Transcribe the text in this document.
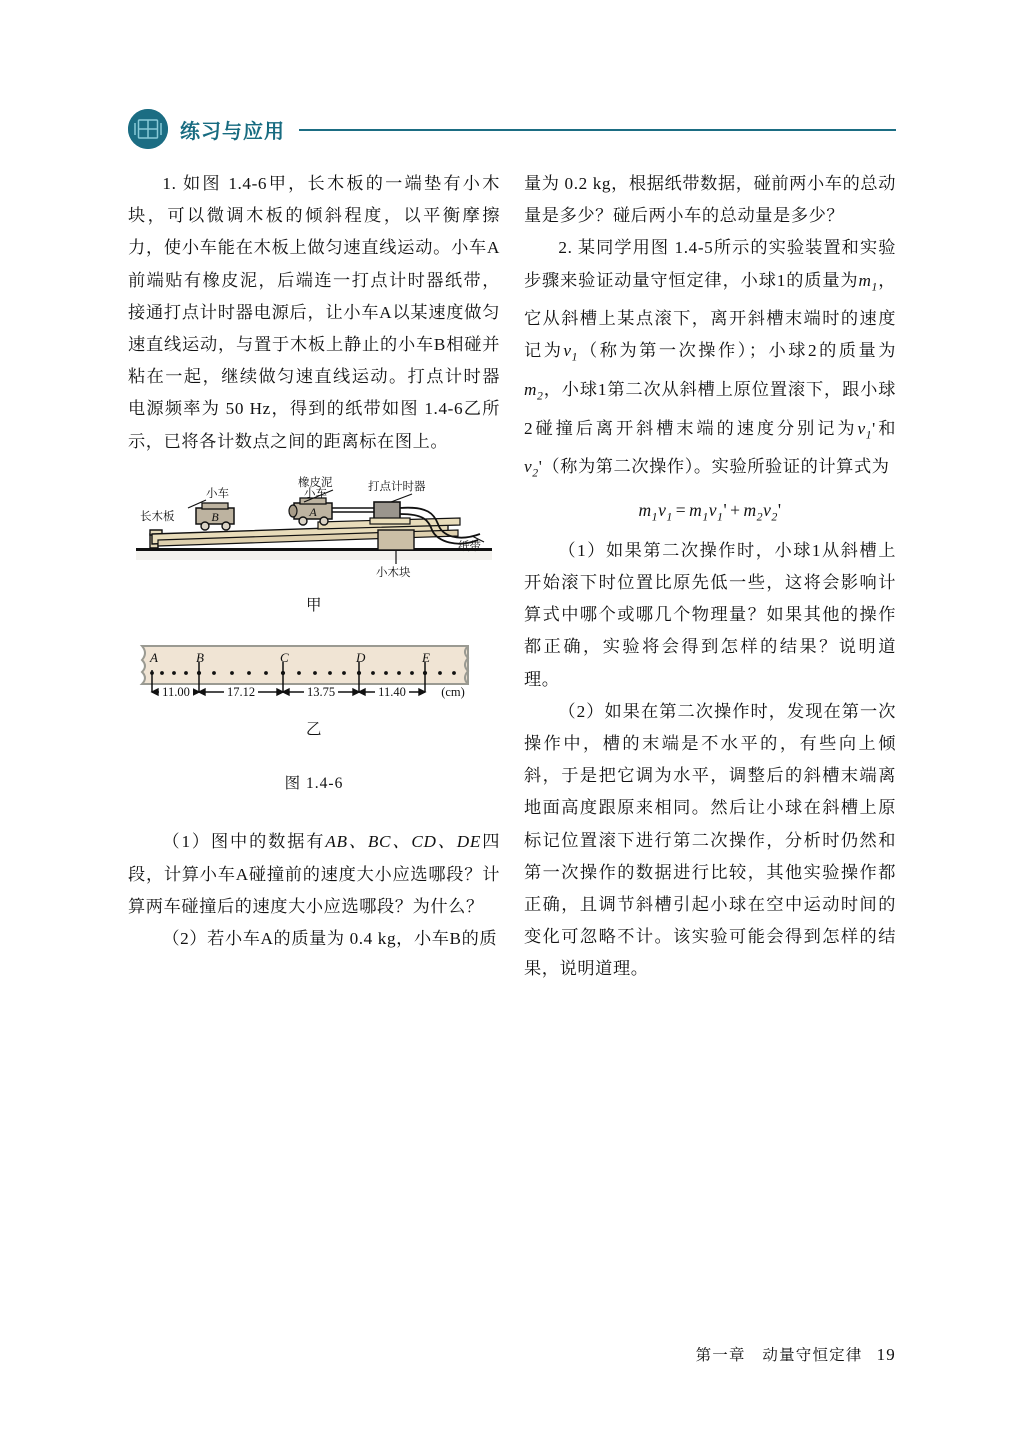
练习与应用

1. 如图 1.4-6甲，长木板的一端垫有小木块，可以微调木板的倾斜程度，以平衡摩擦力，使小车能在木板上做匀速直线运动。小车A前端贴有橡皮泥，后端连一打点计时器纸带，接通打点计时器电源后，让小车A以某速度做匀速直线运动，与置于木板上静止的小车B相碰并粘在一起，继续做匀速直线运动。打点计时器电源频率为 50 Hz，得到的纸带如图 1.4-6乙所示，已将各计数点之间的距离标在图上。

B	A
长木板
小车
橡皮泥
小车	打点计时器
纸带
小木块
甲
A	B	C	D	E
11.00	17.12	13.75	11.40	(cm)
乙
图 1.4-6

（1）图中的数据有AB、BC、CD、DE四段，计算小车A碰撞前的速度大小应选哪段？计算两车碰撞后的速度大小应选哪段？为什么？

（2）若小车A的质量为 0.4 kg，小车B的质

量为 0.2 kg，根据纸带数据，碰前两小车的总动量是多少？碰后两小车的总动量是多少？

2. 某同学用图 1.4-5所示的实验装置和实验步骤来验证动量守恒定律，小球1的质量为$m_1$，它从斜槽上某点滚下，离开斜槽末端时的速度记为$v_1$（称为第一次操作）；小球2的质量为$m_2$，小球1第二次从斜槽上原位置滚下，跟小球2碰撞后离开斜槽末端的速度分别记为$v_1'$和$v_2'$（称为第二次操作）。实验所验证的计算式为

$m_1v_1 = m_1v_1' + m_2v_2'$

（1）如果第二次操作时，小球1从斜槽上开始滚下时位置比原先低一些，这将会影响计算式中哪个或哪几个物理量？如果其他的操作都正确，实验将会得到怎样的结果？说明道理。

（2）如果在第二次操作时，发现在第一次操作中，槽的末端是不水平的，有些向上倾斜，于是把它调为水平，调整后的斜槽末端离地面高度跟原来相同。然后让小球在斜槽上原标记位置滚下进行第二次操作，分析时仍然和第一次操作的数据进行比较，其他实验操作都正确，且调节斜槽引起小球在空中运动时间的变化可忽略不计。该实验可能会得到怎样的结果，说明道理。

第一章　动量守恒定律 19
